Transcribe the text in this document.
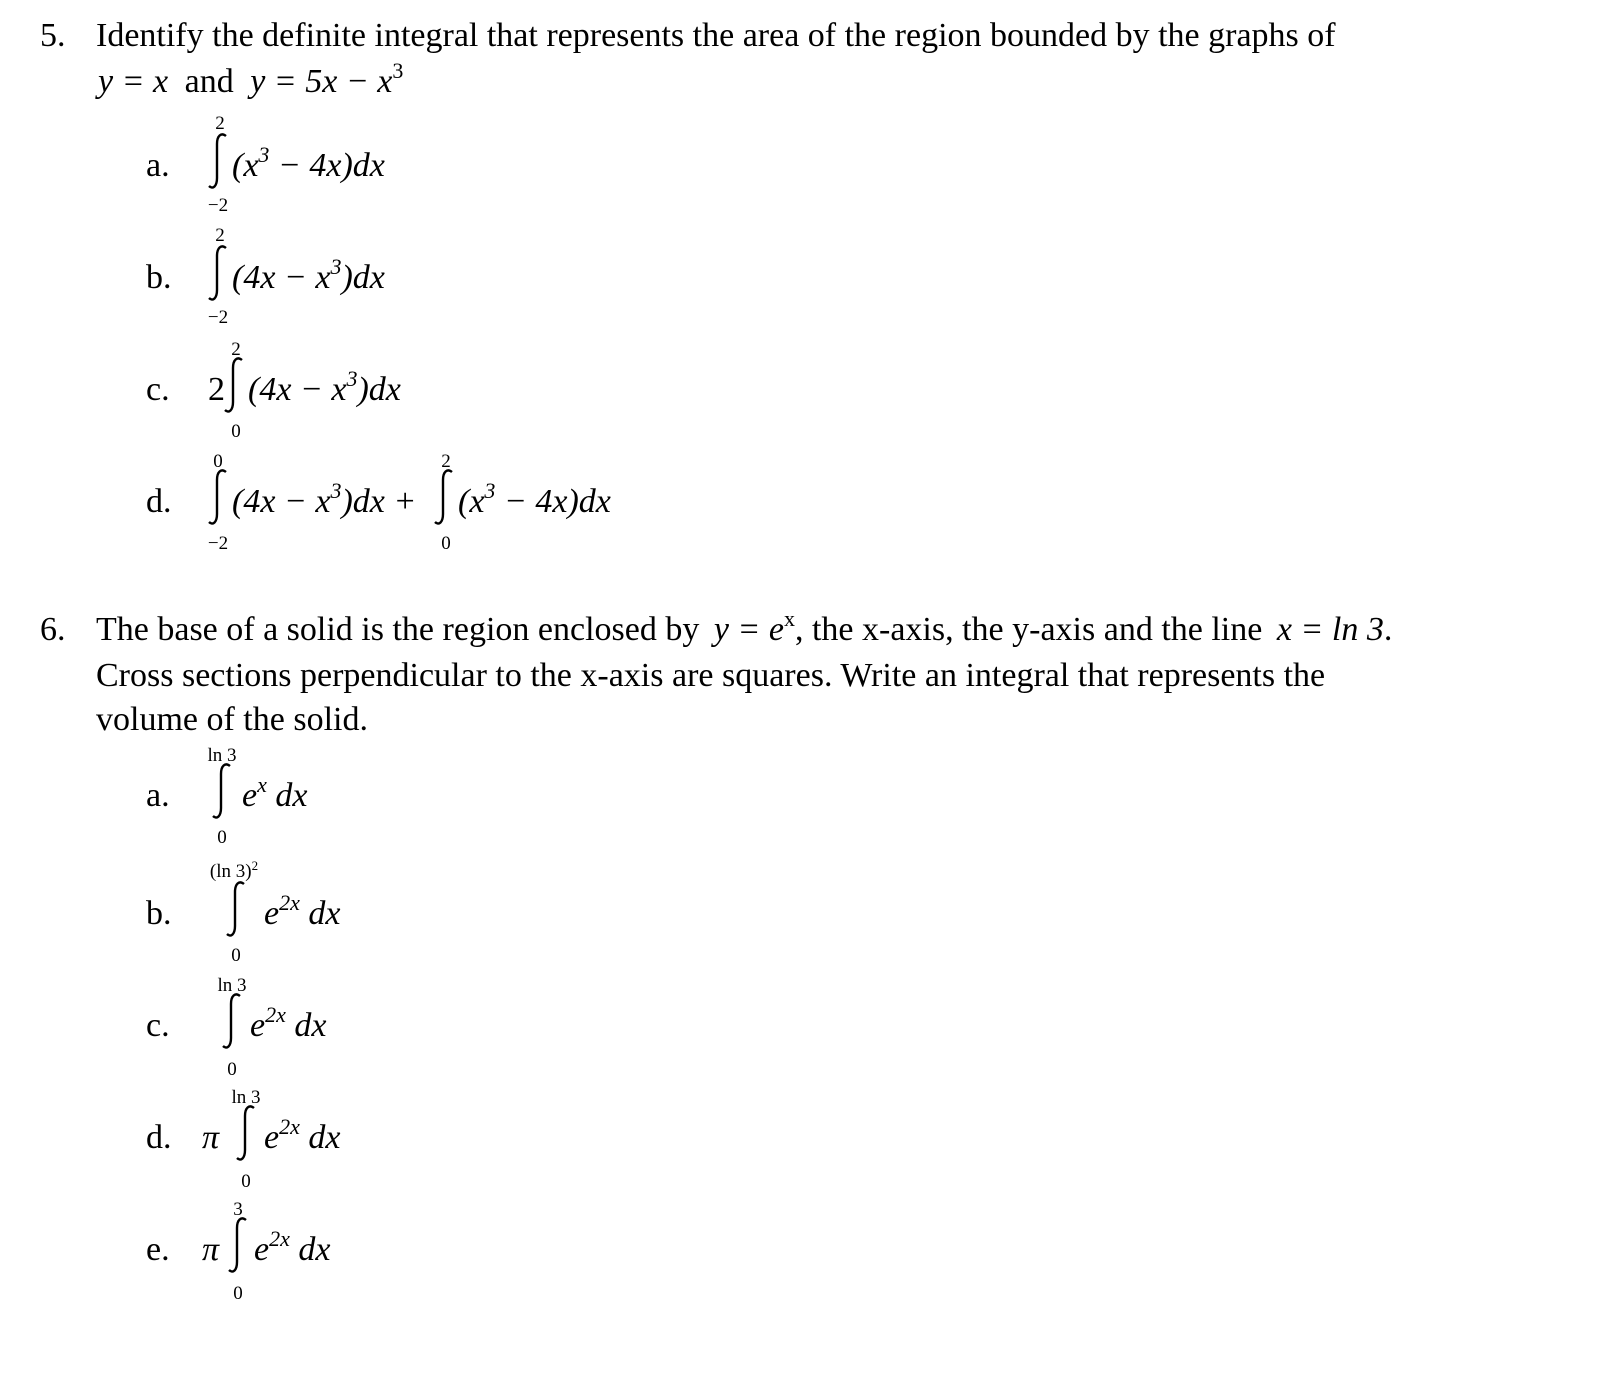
5. Identify the definite integral that represents the area of the region bounded by the graphs of
y = x and $y = 5x - x^3$
a.
2
−2
$(x^3 - 4x)dx$
b.
2
−2
$(4x - x^3)dx$
c. 2
2
0
$(4x - x^3)dx$
d.
0
−2
$(4x - x^3)dx$ +
2
0
$(x^3 - 4x)dx$
6. The base of a solid is the region enclosed by $y = e^x$, the x-axis, the y-axis and the line x = ln 3.
Cross sections perpendicular to the x-axis are squares. Write an integral that represents the
volume of the solid.
a.
ln 3
0
$e^x$ dx
b.
(ln 3)$^2$
0
$e^{2x}$ dx
c.
ln 3
0
$e^{2x}$ dx
d. π
ln 3
0
$e^{2x}$ dx
e. π
3
0
$e^{2x}$ dx
